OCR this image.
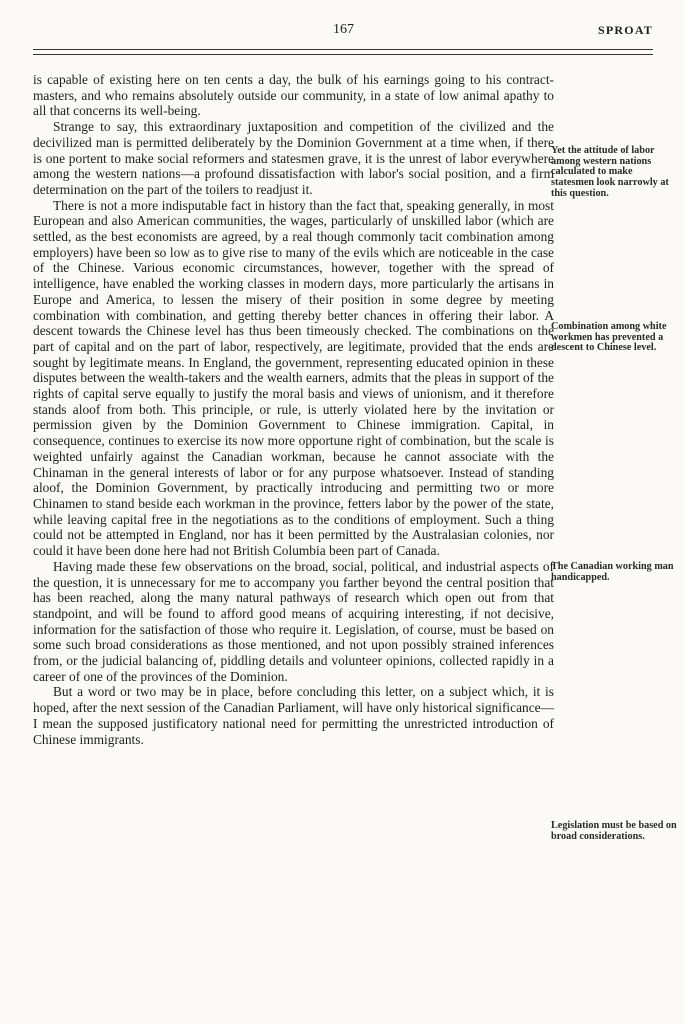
167	SPROAT

is capable of existing here on ten cents a day, the bulk of his earnings going to his contract-masters, and who remains absolutely outside our community, in a state of low animal apathy to all that concerns its well-being.

Strange to say, this extraordinary juxtaposition and competition of the civilized and the decivilized man is permitted deliberately by the Dominion Government at a time when, if there is one portent to make social reformers and statesmen grave, it is the unrest of labor everywhere among the western nations—a profound dissatisfaction with labor's social position, and a firm determination on the part of the toilers to readjust it.

There is not a more indisputable fact in history than the fact that, speaking generally, in most European and also American communities, the wages, particularly of unskilled labor (which are settled, as the best economists are agreed, by a real though commonly tacit combination among employers) have been so low as to give rise to many of the evils which are noticeable in the case of the Chinese. Various economic circumstances, however, together with the spread of intelligence, have enabled the working classes in modern days, more particularly the artisans in Europe and America, to lessen the misery of their position in some degree by meeting combination with combination, and getting thereby better chances in offering their labor. A descent towards the Chinese level has thus been timeously checked. The combinations on the part of capital and on the part of labor, respectively, are legitimate, provided that the ends are sought by legitimate means. In England, the government, representing educated opinion in these disputes between the wealth-takers and the wealth earners, admits that the pleas in support of the rights of capital serve equally to justify the moral basis and views of unionism, and it therefore stands aloof from both. This principle, or rule, is utterly violated here by the invitation or permission given by the Dominion Government to Chinese immigration. Capital, in consequence, continues to exercise its now more opportune right of combination, but the scale is weighted unfairly against the Canadian workman, because he cannot associate with the Chinaman in the general interests of labor or for any purpose whatsoever. Instead of standing aloof, the Dominion Government, by practically introducing and permitting two or more Chinamen to stand beside each workman in the province, fetters labor by the power of the state, while leaving capital free in the negotiations as to the conditions of employment. Such a thing could not be attempted in England, nor has it been permitted by the Australasian colonies, nor could it have been done here had not British Columbia been part of Canada.

Having made these few observations on the broad, social, political, and industrial aspects of the question, it is unnecessary for me to accompany you farther beyond the central position that has been reached, along the many natural pathways of research which open out from that standpoint, and will be found to afford good means of acquiring interesting, if not decisive, information for the satisfaction of those who require it. Legislation, of course, must be based on some such broad considerations as those mentioned, and not upon possibly strained inferences from, or the judicial balancing of, piddling details and volunteer opinions, collected rapidly in a career of one of the provinces of the Dominion.

But a word or two may be in place, before concluding this letter, on a subject which, it is hoped, after the next session of the Canadian Parliament, will have only historical significance—I mean the supposed justificatory national need for permitting the unrestricted introduction of Chinese immigrants.

Yet the attitude of labor among western nations calculated to make statesmen look narrowly at this question.
Combination among white workmen has prevented a descent to Chinese level.
The Canadian working man handicapped.
Legislation must be based on broad considerations.
